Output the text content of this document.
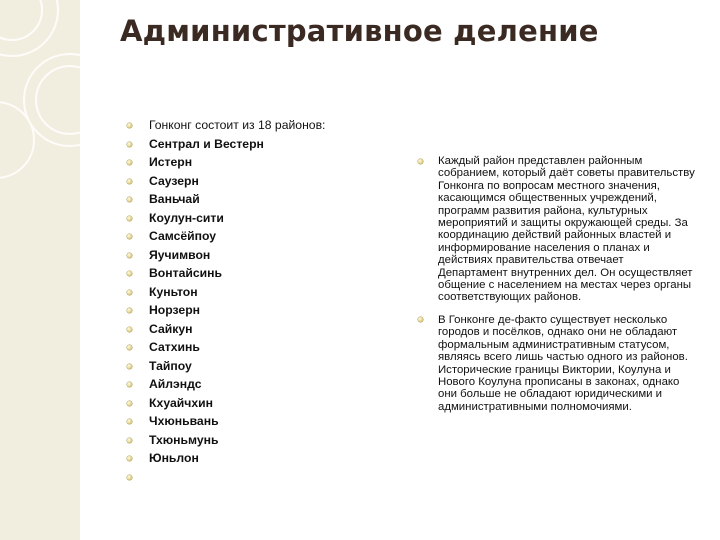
Административное деление
Гонконг состоит из 18 районов:
Сентрал и Вестерн
Истерн
Саузерн
Ваньчай
Коулун-сити
Самсёйпоу
Яучимвон
Вонтайсинь
Куньтон
Норзерн
Сайкун
Сатхинь
Тайпоу
Айлэндс
Кхуайчхин
Чхюньвань
Тхюньмунь
Юньлон
Каждый район представлен районным собранием, который даёт советы правительству Гонконга по вопросам местного значения, касающимся общественных учреждений, программ развития района, культурных мероприятий и защиты окружающей среды. За координацию действий районных властей и информирование населения о планах и действиях правительства отвечает Департамент внутренних дел. Он осуществляет общение с населением на местах через органы соответствующих районов.
В Гонконге де-факто существует несколько городов и посёлков, однако они не обладают формальным административным статусом, являясь всего лишь частью одного из районов. Исторические границы Виктории, Коулуна и Нового Коулуна прописаны в законах, однако они больше не обладают юридическими и административными полномочиями.
